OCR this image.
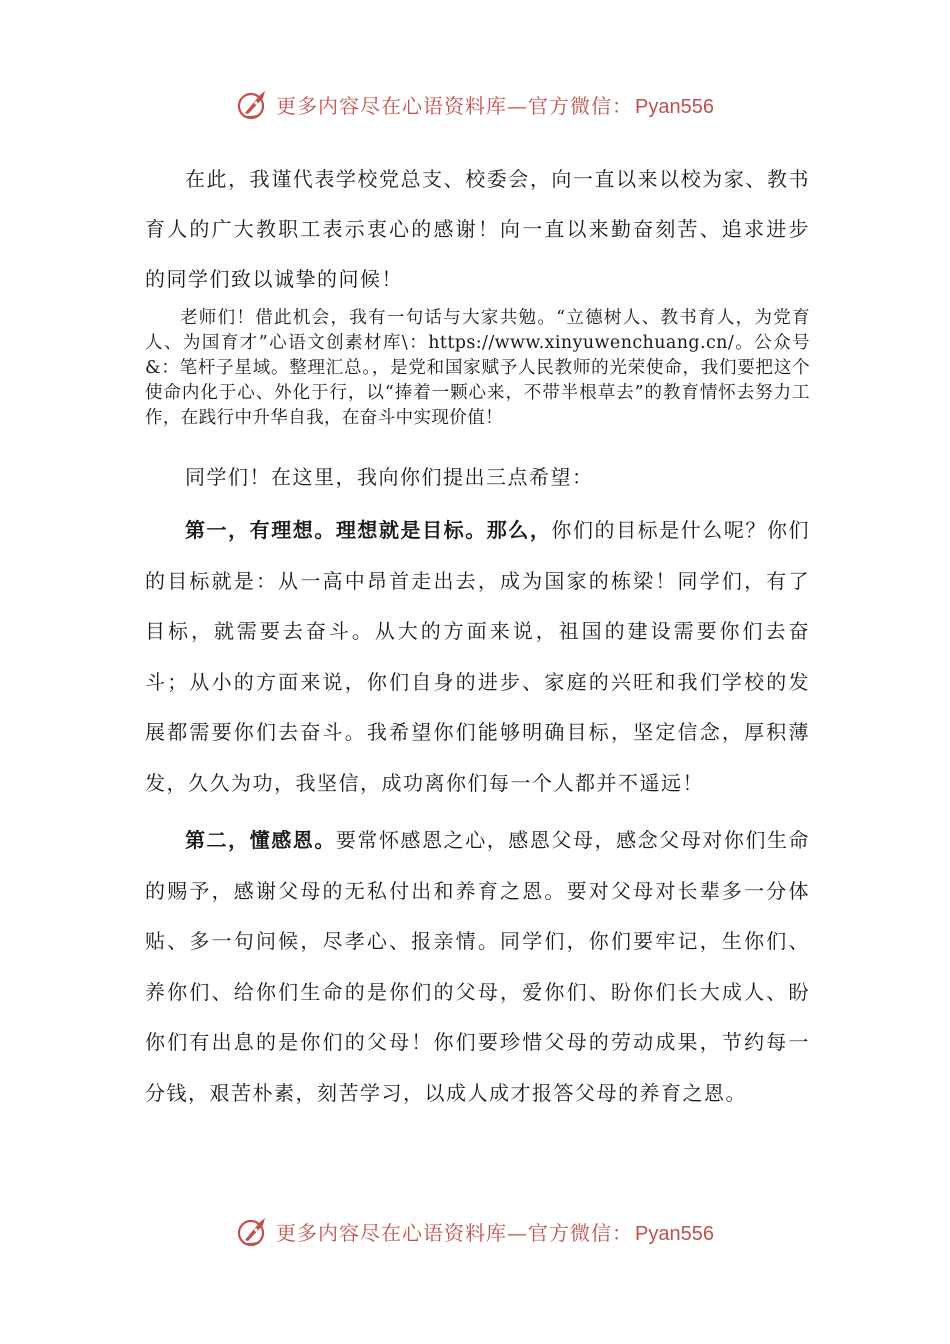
更多内容尽在心语资料库—官方微信： Pyan556
在此，我谨代表学校党总支、校委会，向一直以来以校为家、教书育人的广大教职工表示衷心的感谢！向一直以来勤奋刻苦、追求进步的同学们致以诚挚的问候！
老师们！借此机会，我有一句话与大家共勉。“立德树人、教书育人，为党育人、为国育才”心语文创素材库\：https://www.xinyuwenchuang.cn/。公众号&：笔杆子星域。整理汇总。，是党和国家赋予人民教师的光荣使命，我们要把这个使命内化于心、外化于行，以“捧着一颗心来，不带半根草去”的教育情怀去努力工作，在践行中升华自我，在奋斗中实现价值！
同学们！在这里，我向你们提出三点希望：
第一，有理想。理想就是目标。那么，你们的目标是什么呢？你们的目标就是：从一高中昂首走出去，成为国家的栋梁！同学们，有了目标，就需要去奋斗。从大的方面来说，祖国的建设需要你们去奋斗；从小的方面来说，你们自身的进步、家庭的兴旺和我们学校的发展都需要你们去奋斗。我希望你们能够明确目标，坚定信念，厚积薄发，久久为功，我坚信，成功离你们每一个人都并不遥远！
第二，懂感恩。要常怀感恩之心，感恩父母，感念父母对你们生命的赐予，感谢父母的无私付出和养育之恩。要对父母对长辈多一分体贴、多一句问候，尽孝心、报亲情。同学们，你们要牢记，生你们、养你们、给你们生命的是你们的父母，爱你们、盼你们长大成人、盼你们有出息的是你们的父母！你们要珍惜父母的劳动成果，节约每一分钱，艰苦朴素，刻苦学习，以成人成才报答父母的养育之恩。
更多内容尽在心语资料库—官方微信： Pyan556
